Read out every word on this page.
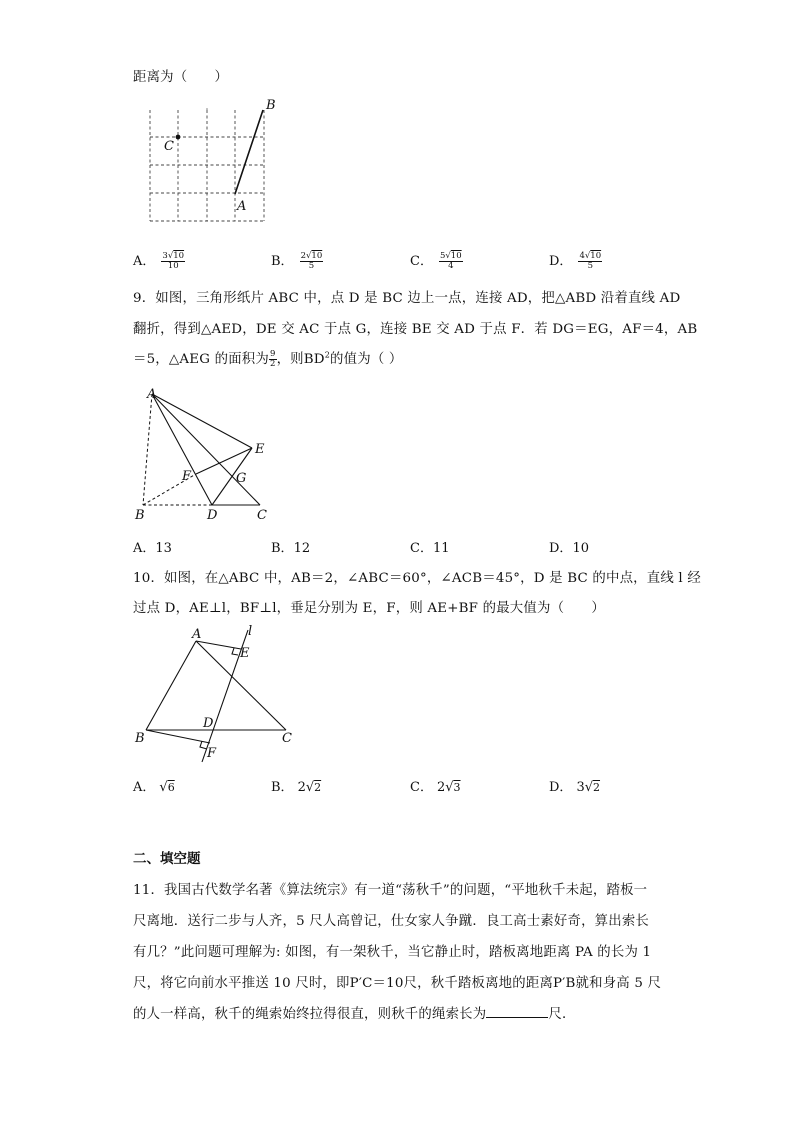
距离为（　　）
B
C
A
A． $\frac{3√10}{10}$	B． $\frac{2√10}{5}$	C． $\frac{5√10}{4}$	D． $\frac{4√10}{5}$
9．如图，三角形纸片 ABC 中，点 D 是 BC 边上一点，连接 AD，把△ABD 沿着直线 AD
翻折，得到△AED，DE 交 AC 于点 G，连接 BE 交 AD 于点 F．若 DG＝EG，AF＝4，AB
＝5，△AEG 的面积为 $\frac{9}{2}$ ，则$BD^2$的值为（ ）
A
E
F	G
B	D	C
A．13	B．12	C．11	D．10
10．如图，在△ABC 中，AB＝2，∠ABC＝60°，∠ACB＝45°，D 是 BC 的中点，直线 l 经
过点 D，AE⊥l，BF⊥l，垂足分别为 E，F，则 AE+BF 的最大值为（　　）
A	l
E
D
B	C
F
A． √ 6	B． 2 √ 2	C． 2 √ 3	D． 3 √ 2
二、填空题
11．我国古代数学名著《算法统宗》有一道“荡秋千”的问题，“平地秋千未起，踏板一
尺离地．送行二步与人齐，5 尺人高曾记，仕女家人争蹴．良工高士素好奇，算出索长
有几？”此问题可理解为: 如图，有一架秋千，当它静止时，踏板离地距离 PA 的长为 1
尺，将它向前水平推送 10 尺时，即P′C＝10尺，秋千踏板离地的距离P′B就和身高 5 尺
的人一样高，秋千的绳索始终拉得很直，则秋千的绳索长为	尺．
